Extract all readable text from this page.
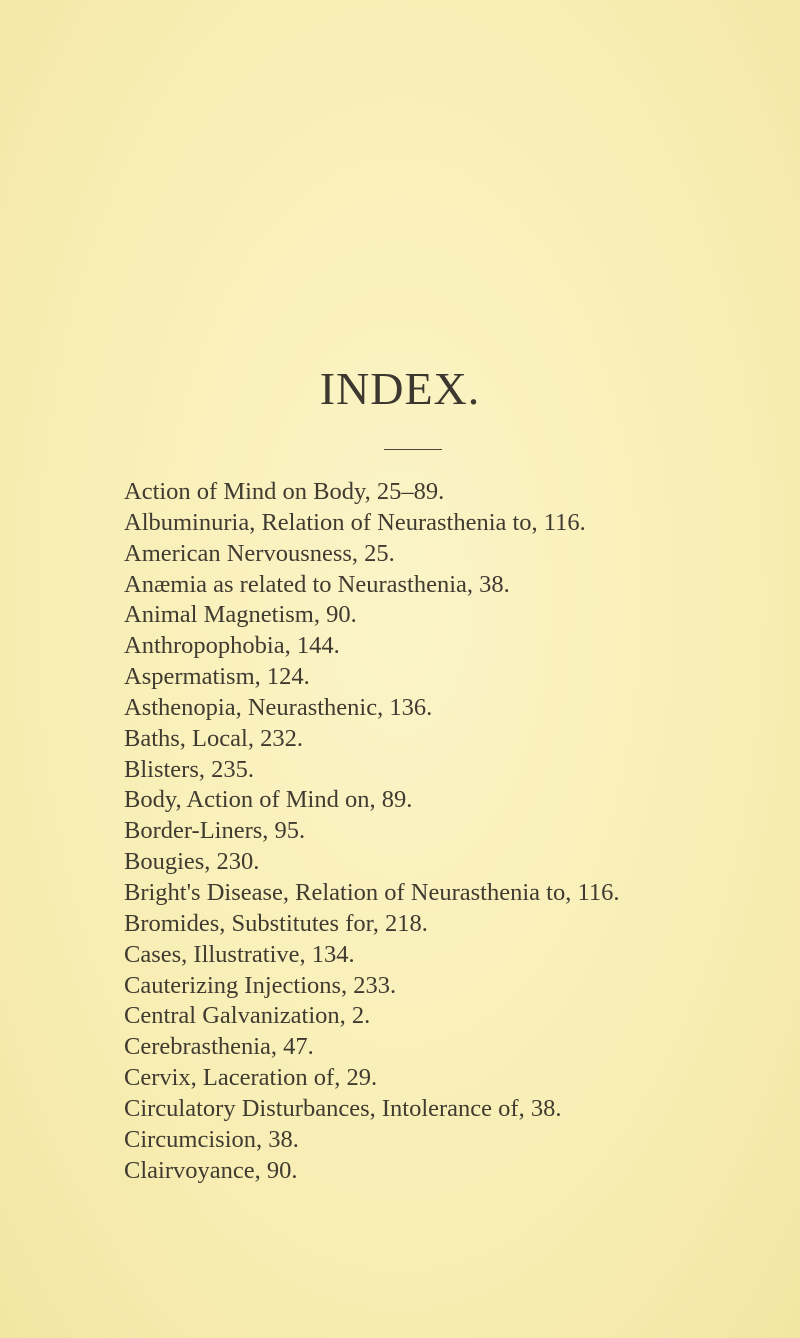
INDEX.
Action of Mind on Body, 25–89.
Albuminuria, Relation of Neurasthenia to, 116.
American Nervousness, 25.
Anæmia as related to Neurasthenia, 38.
Animal Magnetism, 90.
Anthropophobia, 144.
Aspermatism, 124.
Asthenopia, Neurasthenic, 136.
Baths, Local, 232.
Blisters, 235.
Body, Action of Mind on, 89.
Border-Liners, 95.
Bougies, 230.
Bright's Disease, Relation of Neurasthenia to, 116.
Bromides, Substitutes for, 218.
Cases, Illustrative, 134.
Cauterizing Injections, 233.
Central Galvanization, 2.
Cerebrasthenia, 47.
Cervix, Laceration of, 29.
Circulatory Disturbances, Intolerance of, 38.
Circumcision, 38.
Clairvoyance, 90.
